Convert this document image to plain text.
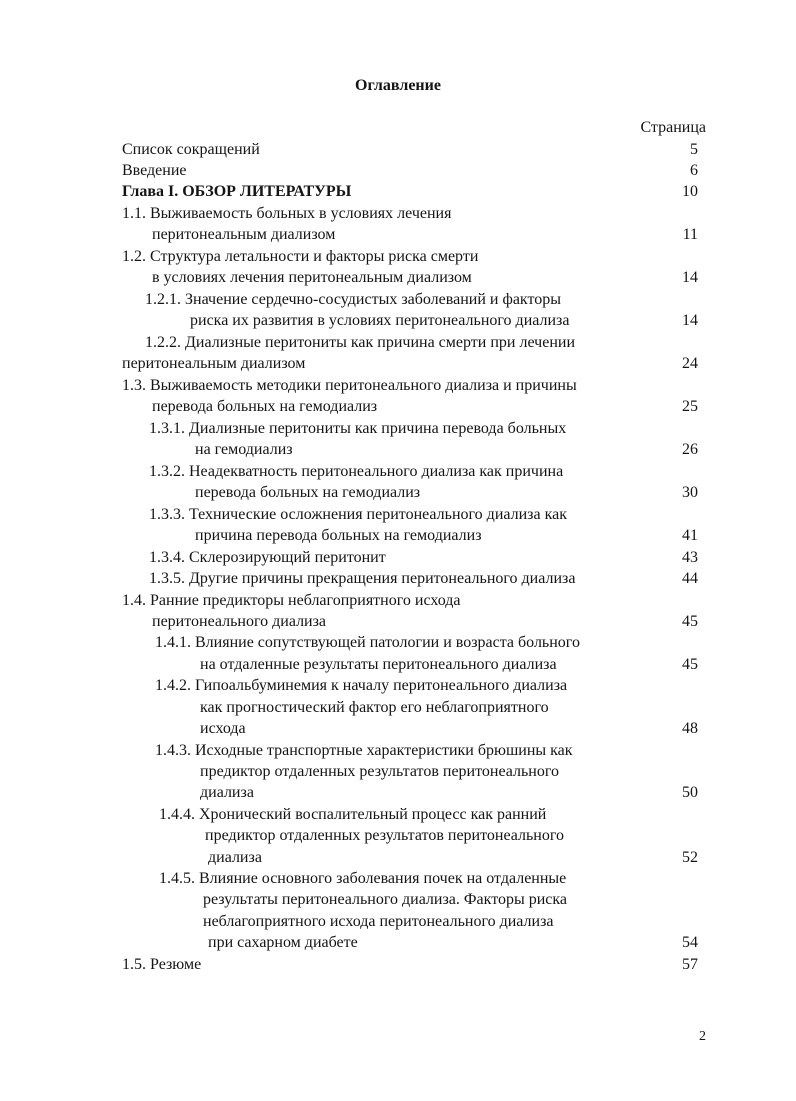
Оглавление
Страница
Список сокращений	5
Введение	6
Глава I. ОБЗОР ЛИТЕРАТУРЫ	10
1.1. Выживаемость больных в условиях лечения
перитонеальным диализом	11
1.2. Структура летальности и факторы риска смерти
в условиях лечения перитонеальным диализом	14
1.2.1. Значение сердечно-сосудистых заболеваний и факторы
риска их развития в условиях перитонеального диализа	14
1.2.2. Диализные перитониты как причина смерти при лечении
перитонеальным диализом	24
1.3. Выживаемость методики перитонеального диализа и причины
перевода больных на гемодиализ	25
1.3.1. Диализные перитониты как причина перевода больных
на гемодиализ	26
1.3.2. Неадекватность перитонеального диализа как причина
перевода больных на гемодиализ	30
1.3.3. Технические осложнения перитонеального диализа как
причина перевода больных на гемодиализ	41
1.3.4. Склерозирующий перитонит	43
1.3.5. Другие причины прекращения перитонеального диализа	44
1.4. Ранние предикторы неблагоприятного исхода
перитонеального диализа	45
1.4.1. Влияние сопутствующей патологии и возраста больного
на отдаленные результаты перитонеального диализа	45
1.4.2. Гипоальбуминемия к началу перитонеального диализа
как прогностический фактор его неблагоприятного
исхода	48
1.4.3. Исходные транспортные характеристики брюшины как
предиктор отдаленных результатов перитонеального
диализа	50
1.4.4. Хронический воспалительный процесс как ранний
предиктор отдаленных результатов перитонеального
диализа	52
1.4.5. Влияние основного заболевания почек на отдаленные
результаты перитонеального диализа. Факторы риска
неблагоприятного исхода перитонеального диализа
при сахарном диабете	54
1.5. Резюме	57
2
